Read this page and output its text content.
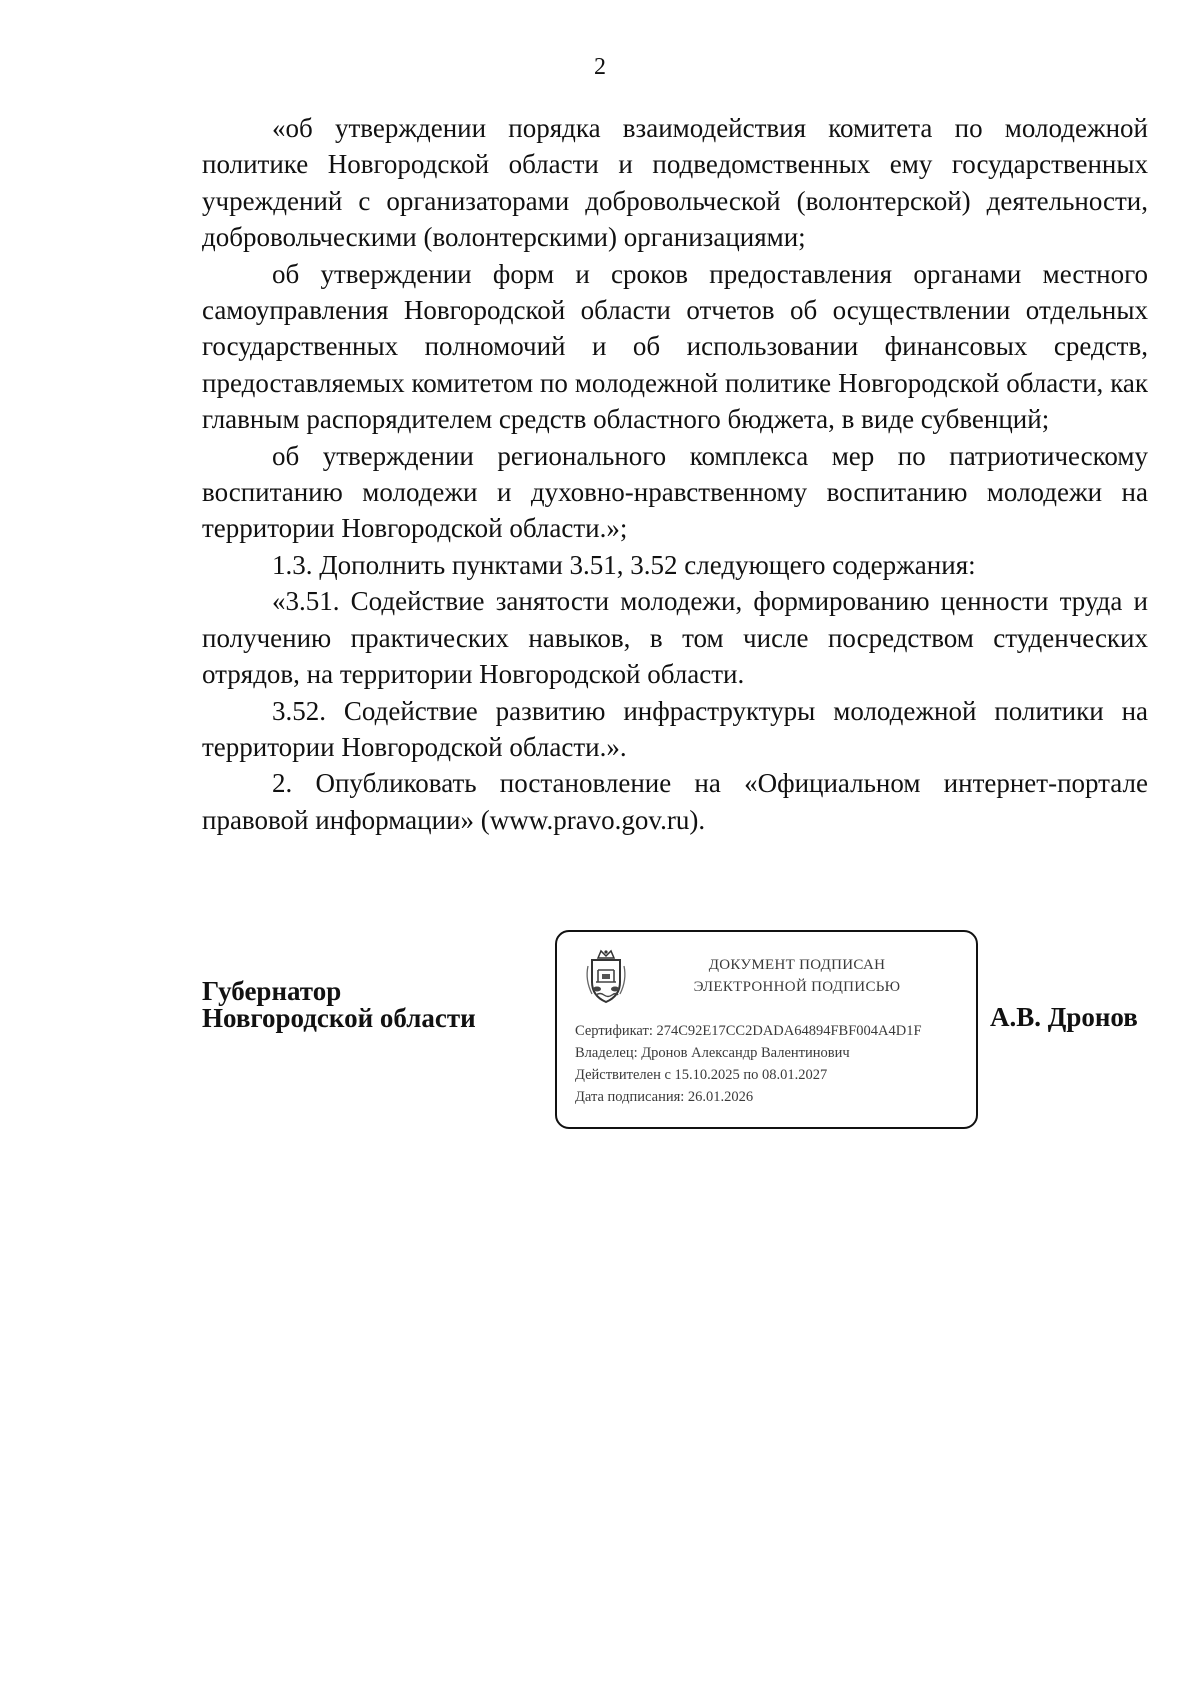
2

«об утверждении порядка взаимодействия комитета по молодежной политике Новгородской области и подведомственных ему государственных учреждений с организаторами добровольческой (волонтерской) деятельности, добровольческими (волонтерскими) организациями;

об утверждении форм и сроков предоставления органами местного самоуправления Новгородской области отчетов об осуществлении отдельных государственных полномочий и об использовании финансовых средств, предоставляемых комитетом по молодежной политике Новгородской области, как главным распорядителем средств областного бюджета, в виде субвенций;

об утверждении регионального комплекса мер по патриотическому воспитанию молодежи и духовно-нравственному воспитанию молодежи на территории Новгородской области.»;

1.3. Дополнить пунктами 3.51, 3.52 следующего содержания:

«3.51. Содействие занятости молодежи, формированию ценности труда и получению практических навыков, в том числе посредством студенческих отрядов, на территории Новгородской области.

3.52. Содействие развитию инфраструктуры молодежной политики на территории Новгородской области.».

2. Опубликовать постановление на «Официальном интернет-портале правовой информации» (www.pravo.gov.ru).

Губернатор
Новгородской области
ДОКУМЕНТ ПОДПИСАН
ЭЛЕКТРОННОЙ ПОДПИСЬЮ
Сертификат: 274C92E17CC2DADA64894FBF004A4D1F
Владелец: Дронов Александр Валентинович
Действителен с 15.10.2025 по 08.01.2027
Дата подписания: 26.01.2026
А.В. Дронов
